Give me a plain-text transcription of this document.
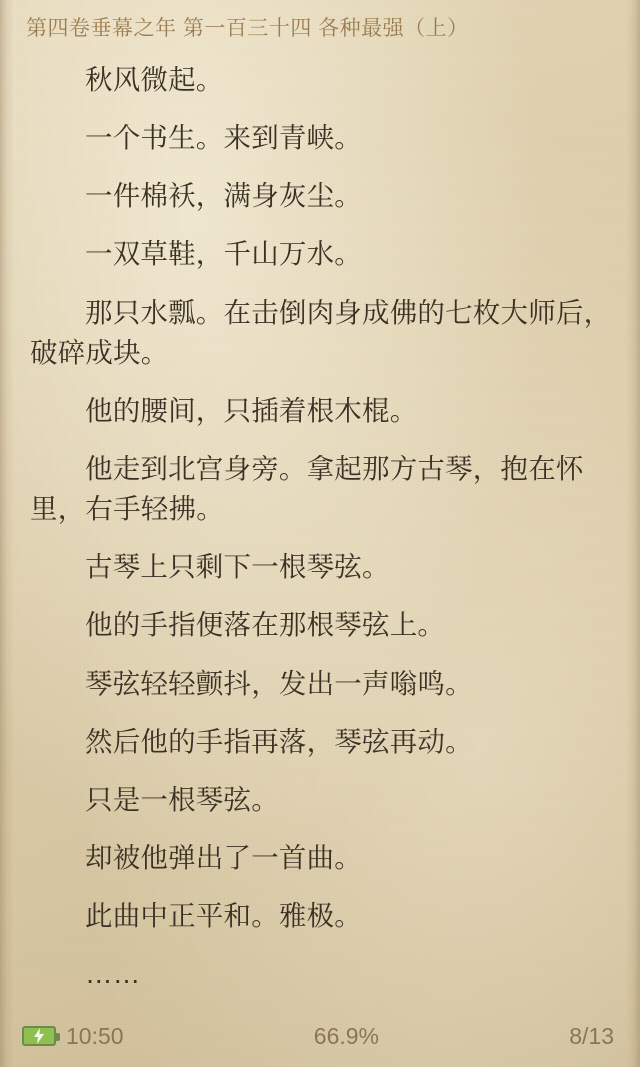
第四卷垂幕之年 第一百三十四 各种最强（上）

秋风微起。

一个书生。来到青峡。

一件棉袄，满身灰尘。

一双草鞋，千山万水。

那只水瓢。在击倒肉身成佛的七枚大师后，破碎成块。

他的腰间，只插着根木棍。

他走到北宫身旁。拿起那方古琴，抱在怀里，右手轻拂。

古琴上只剩下一根琴弦。

他的手指便落在那根琴弦上。

琴弦轻轻颤抖，发出一声嗡鸣。

然后他的手指再落，琴弦再动。

只是一根琴弦。

却被他弹出了一首曲。

此曲中正平和。雅极。

……

10:50	66.9%	8/13
